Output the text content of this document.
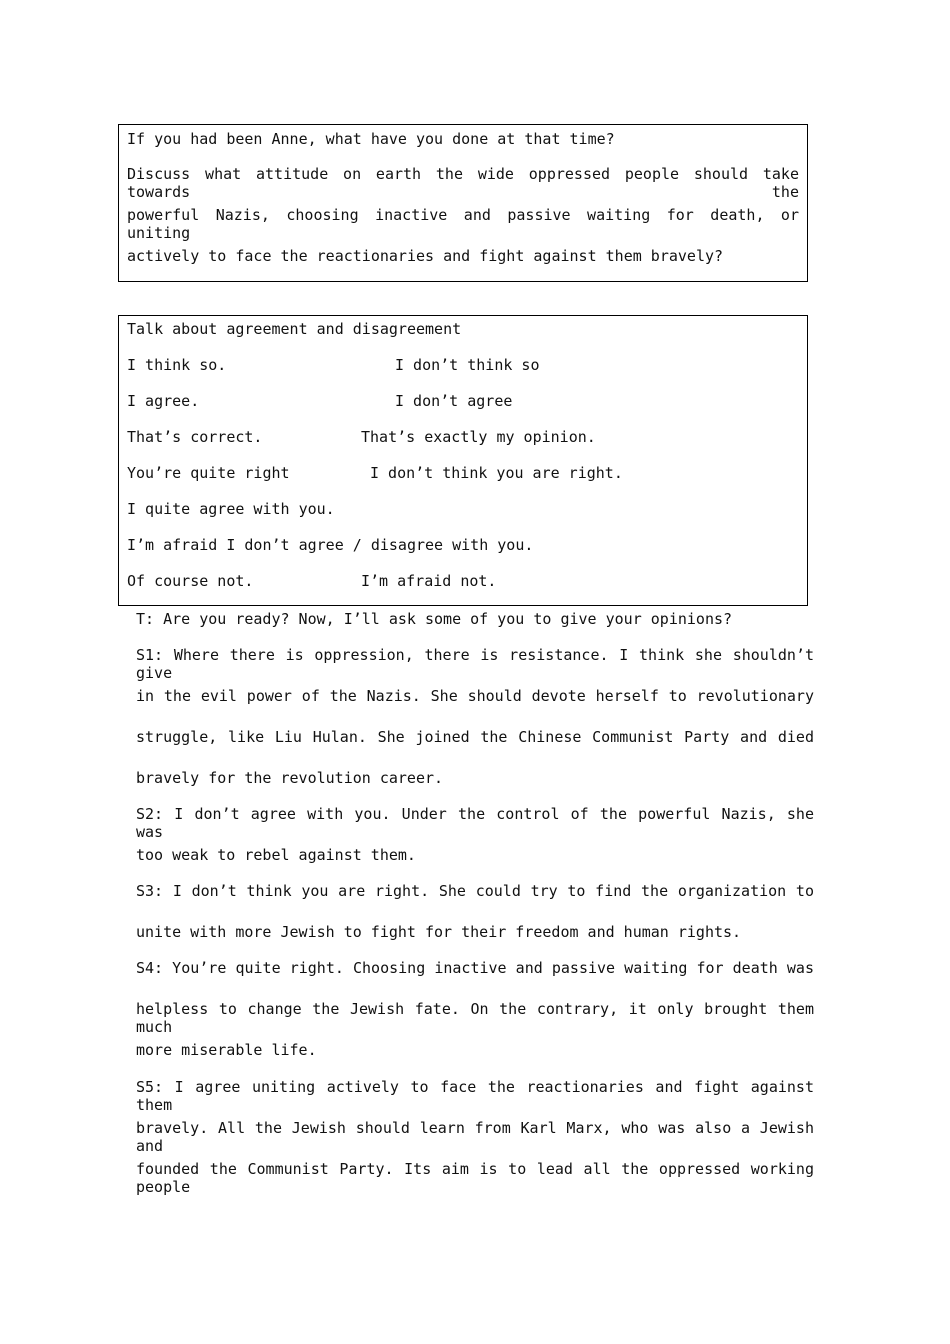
If you had been Anne, what have you done at that time?
Discuss what attitude on earth the wide oppressed people should take towards the
powerful Nazis, choosing inactive and passive waiting for death, or uniting
actively to face the reactionaries and fight against them bravely?
Talk about agreement and disagreement
I think so.	I don’t think so
I agree.	I don’t agree
That’s correct.	That’s exactly my opinion.
You’re quite right	I don’t think you are right.
I quite agree with you.
I’m afraid I don’t agree / disagree with you.
Of course not.	I’m afraid not.
T: Are you ready? Now, I’ll ask some of you to give your opinions?
S1: Where there is oppression, there is resistance. I think she shouldn’t give
in the evil power of the Nazis. She should devote herself to revolutionary
struggle, like Liu Hulan. She joined the Chinese Communist Party and died
bravely for the revolution career.
S2: I don’t agree with you. Under the control of the powerful Nazis, she was
too weak to rebel against them.
S3: I don’t think you are right. She could try to find the organization to
unite with more Jewish to fight for their freedom and human rights.
S4: You’re quite right. Choosing inactive and passive waiting for death was
helpless to change the Jewish fate. On the contrary, it only brought them much
more miserable life.
S5: I agree uniting actively to face the reactionaries and fight against them
bravely. All the Jewish should learn from Karl Marx, who was also a Jewish and
founded the Communist Party. Its aim is to lead all the oppressed working people
